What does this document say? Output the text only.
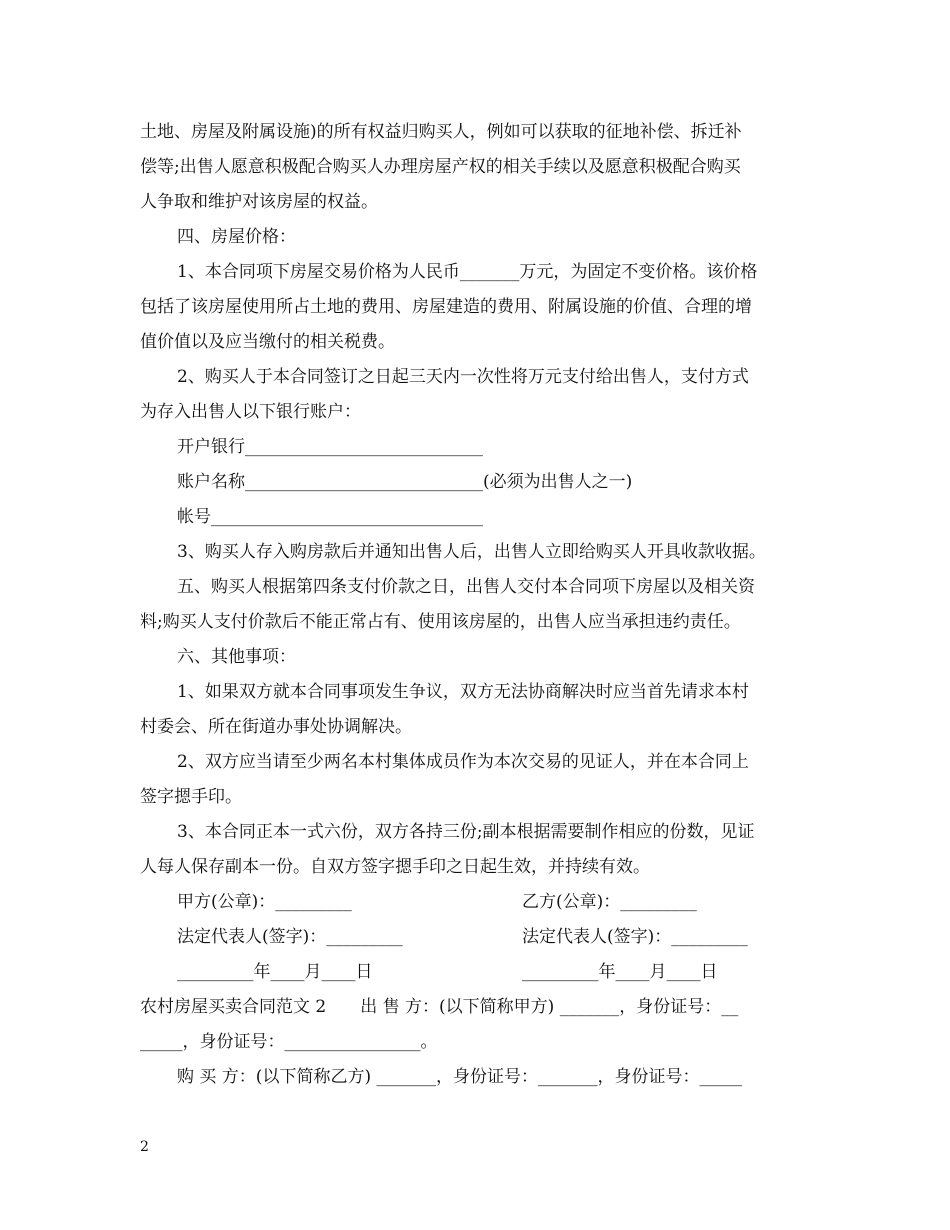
土地、房屋及附属设施)的所有权益归购买人，例如可以获取的征地补偿、拆迁补
偿等;出售人愿意积极配合购买人办理房屋产权的相关手续以及愿意积极配合购买
人争取和维护对该房屋的权益。
四、房屋价格：
1、本合同项下房屋交易价格为人民币_______万元，为固定不变价格。该价格
包括了该房屋使用所占土地的费用、房屋建造的费用、附属设施的价值、合理的增
值价值以及应当缴付的相关税费。
2、购买人于本合同签订之日起三天内一次性将万元支付给出售人，支付方式
为存入出售人以下银行账户：
开户银行____________________________
账户名称____________________________(必须为出售人之一)
帐号________________________________
3、购买人存入购房款后并通知出售人后，出售人立即给购买人开具收款收据。
五、购买人根据第四条支付价款之日，出售人交付本合同项下房屋以及相关资
料;购买人支付价款后不能正常占有、使用该房屋的，出售人应当承担违约责任。
六、其他事项：
1、如果双方就本合同事项发生争议，双方无法协商解决时应当首先请求本村
村委会、所在街道办事处协调解决。
2、双方应当请至少两名本村集体成员作为本次交易的见证人，并在本合同上
签字摁手印。
3、本合同正本一式六份，双方各持三份;副本根据需要制作相应的份数，见证
人每人保存副本一份。自双方签字摁手印之日起生效，并持续有效。
甲方(公章)：_________	乙方(公章)：_________
法定代表人(签字)：_________	法定代表人(签字)：_________
_________年____月____日	_________年____月____日
农村房屋买卖合同范文 2　　出 售 方：(以下简称甲方) _______，身份证号：__
_____，身份证号：________________。
购 买 方：(以下简称乙方) _______，身份证号：_______，身份证号：_____
2
